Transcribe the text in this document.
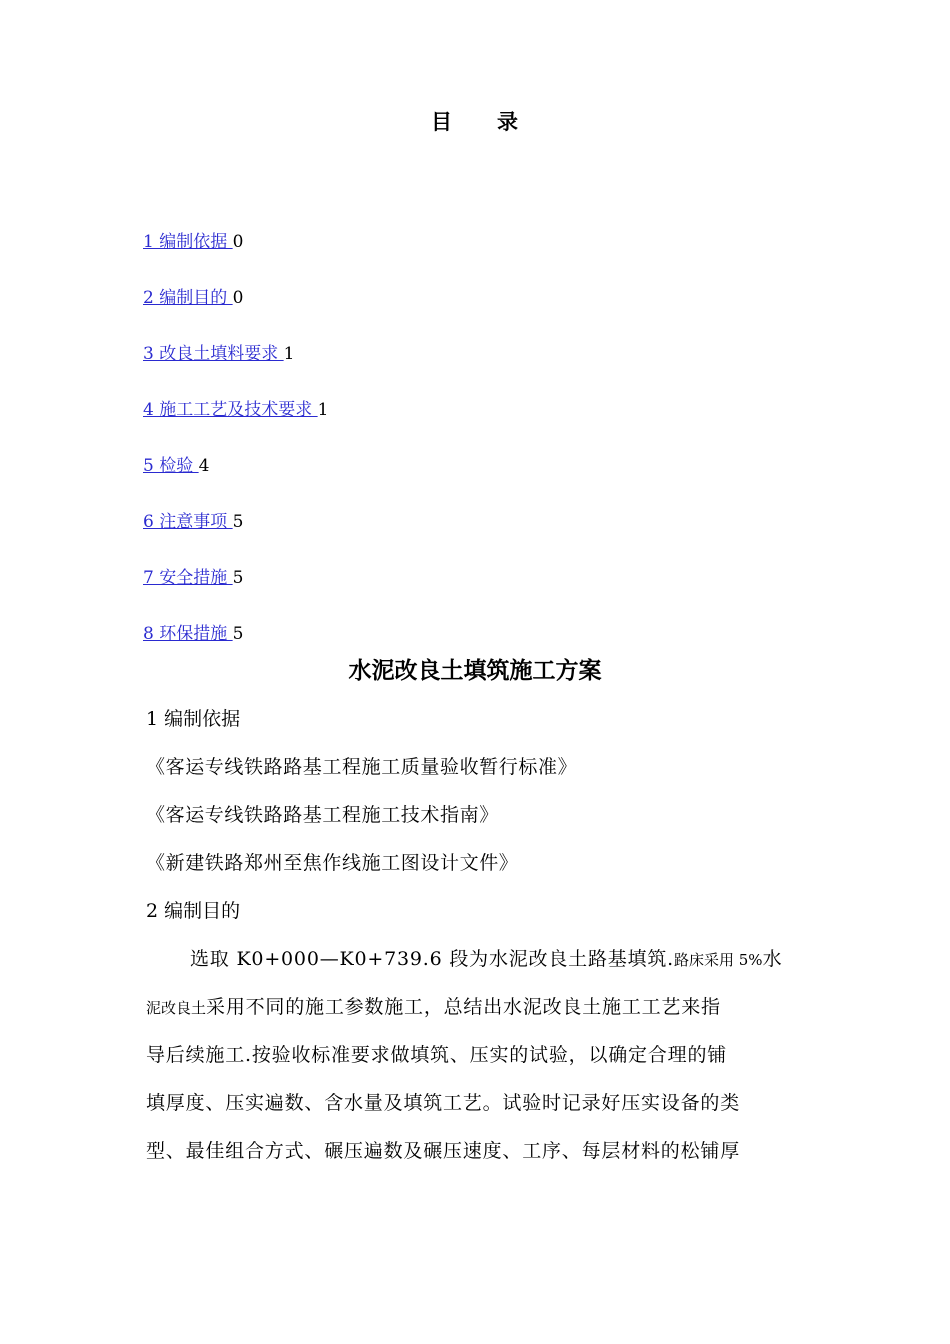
目 录
1 编制依据 0
2 编制目的 0
3 改良土填料要求 1
4 施工工艺及技术要求 1
5 检验 4
6 注意事项 5
7 安全措施 5
8 环保措施 5
水泥改良土填筑施工方案
1 编制依据
《客运专线铁路路基工程施工质量验收暂行标准》
《客运专线铁路路基工程施工技术指南》
《新建铁路郑州至焦作线施工图设计文件》
2 编制目的
选取 K0+000—K0+739.6 段为水泥改良土路基填筑.路床采用 5%水
泥改良土采用不同的施工参数施工，总结出水泥改良土施工工艺来指
导后续施工.按验收标准要求做填筑、压实的试验，以确定合理的铺
填厚度、压实遍数、含水量及填筑工艺。试验时记录好压实设备的类
型、最佳组合方式、碾压遍数及碾压速度、工序、每层材料的松铺厚
